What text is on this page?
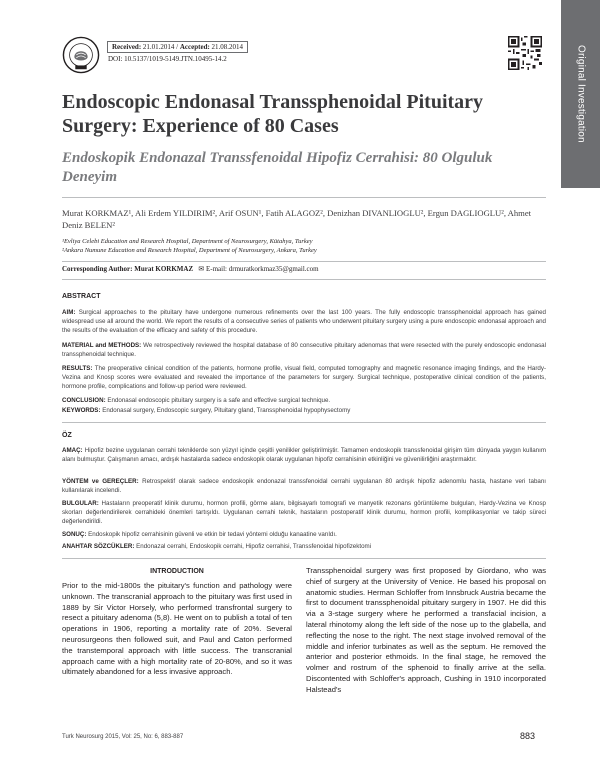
Received: 21.01.2014 / Accepted: 21.08.2014
DOI: 10.5137/1019-5149.JTN.10495-14.2	Original Investigation
Endoscopic Endonasal Transsphenoidal Pituitary Surgery: Experience of 80 Cases
Endoskopik Endonazal Transsfenoidal Hipofiz Cerrahisi: 80 Olguluk Deneyim
Murat KORKMAZ¹, Ali Erdem YILDIRIM², Arif OSUN¹, Fatih ALAGOZ², Denizhan DIVANLIOGLU², Ergun DAGLIOGLU², Ahmet Deniz BELEN²
¹Evliya Celebi Education and Research Hospital, Department of Neurosurgery, Kütahya, Turkey
²Ankara Numune Education and Research Hospital, Department of Neurosurgery, Ankara, Turkey
Corresponding Author: Murat KORKMAZ ✉ E-mail: drmuratkorkmaz35@gmail.com
ABSTRACT
AIM: Surgical approaches to the pituitary have undergone numerous refinements over the last 100 years. The fully endoscopic transsphenoidal approach has gained widespread use all around the world. We report the results of a consecutive series of patients who underwent pituitary surgery using a pure endoscopic endonasal approach and the results of the evaluation of the efficacy and safety of this procedure.
MATERIAL and METHODS: We retrospectively reviewed the hospital database of 80 consecutive pituitary adenomas that were resected with the purely endoscopic endonasal transsphenoidal technique.
RESULTS: The preoperative clinical condition of the patients, hormone profile, visual field, computed tomography and magnetic resonance imaging findings, and the Hardy-Vezina and Knosp scores were evaluated and revealed the importance of the parameters for surgery. Surgical technique, postoperative clinical condition of the patients, hormone profile, complications and follow-up period were reviewed.
CONCLUSION: Endonasal endoscopic pituitary surgery is a safe and effective surgical technique.
KEYWORDS: Endonasal surgery, Endoscopic surgery, Pituitary gland, Transsphenoidal hypophysectomy
ÖZ
AMAÇ: Hipofiz bezine uygulanan cerrahi tekniklerde son yüzyıl içinde çeşitli yenilikler geliştirilmiştir. Tamamen endoskopik transsfenoidal girişim tüm dünyada yaygın kullanım alanı bulmuştur. Çalışmanın amacı, ardışık hastalarda sadece endoskopik olarak uygulanan hipofiz cerrahisinin etkinliğini ve güvenilirliğini araştırmaktır.
YÖNTEM ve GEREÇLER: Retrospektif olarak sadece endoskopik endonazal transsfenoidal cerrahi uygulanan 80 ardışık hipofiz adenomlu hasta, hastane veri tabanı kullanılarak incelendi.
BULGULAR: Hastaların preoperatif klinik durumu, hormon profili, görme alanı, bilgisayarlı tomografi ve manyetik rezonans görüntüleme bulguları, Hardy-Vezina ve Knosp skorları değerlendirilerek cerrahideki önemleri tartışıldı. Uygulanan cerrahi teknik, hastaların postoperatif klinik durumu, hormon profili, komplikasyonlar ve takip süreci değerlendirildi.
SONUÇ: Endoskopik hipofiz cerrahisinin güvenli ve etkin bir tedavi yöntemi olduğu kanaatine varıldı.
ANAHTAR SÖZCÜKLER: Endonazal cerrahi, Endoskopik cerrahi, Hipofiz cerrahisi, Transsfenoidal hipofizektomi
INTRODUCTION
Prior to the mid-1800s the pituitary's function and pathology were unknown. The transcranial approach to the pituitary was first used in 1889 by Sir Victor Horsely, who performed transfrontal surgery to resect a pituitary adenoma (5,8). He went on to publish a total of ten operations in 1906, reporting a mortality rate of 20%. Several neurosurgeons then followed suit, and Paul and Caton performed the transtemporal approach with little success. The transcranial approach came with a high mortality rate of 20-80%, and so it was ultimately abandoned for a less invasive approach.
Transsphenoidal surgery was first proposed by Giordano, who was chief of surgery at the University of Venice. He based his proposal on anatomic studies. Herman Schloffer from Innsbruck Austria became the first to document transsphenoidal pituitary surgery in 1907. He did this via a 3-stage surgery where he performed a transfacial incision, a lateral rhinotomy along the left side of the nose up to the glabella, and reflecting the nose to the right. The next stage involved removal of the middle and inferior turbinates as well as the septum. He removed the anterior and posterior ethmoids. In the final stage, he removed the volmer and rostrum of the sphenoid to finally arrive at the sella. Discontented with Schloffer's approach, Cushing in 1910 incorporated Halstead's
Turk Neurosurg 2015, Vol: 25, No: 6, 883-887	883
